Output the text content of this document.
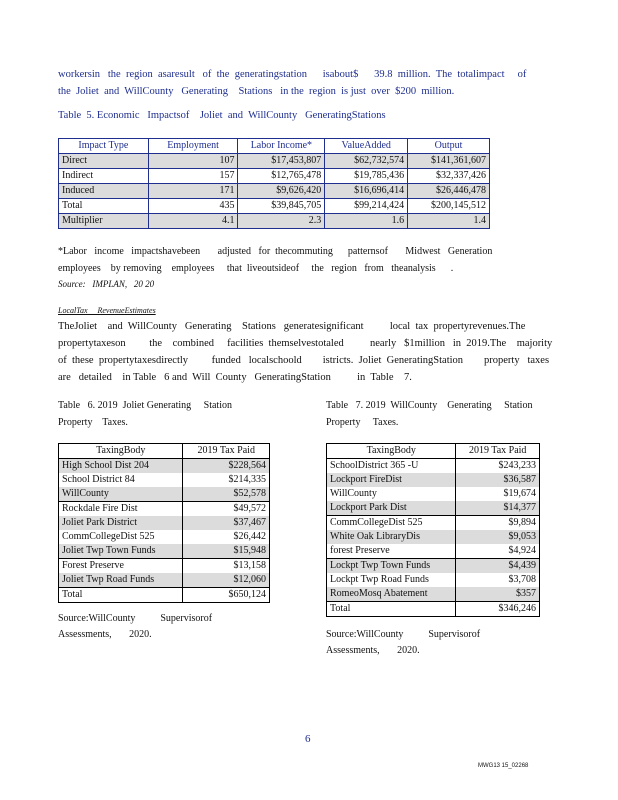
workersin   the  region  asaresult   of  the  generatingstation      isabout$      39.8  million.  The  totalimpact     of
the  Joliet  and  WillCounty   Generating    Stations   in the  region  is just  over  $200  million.
Table  5. Economic   Impactsof    Joliet  and  WillCounty   GeneratingStations
Impact Type	Employment	Labor Income*	ValueAdded	Output
Direct	107	$17,453,807	$62,732,574	$141,361,607
Indirect	157	$12,765,478	$19,785,436	$32,337,426
Induced	171	$9,626,420	$16,696,414	$26,446,478
Total	435	$39,845,705	$99,214,424	$200,145,512
Multiplier	4.1	2.3	1.6	1.4
*Labor   income   impactshavebeen       adjusted   for  thecommuting      patternsof       Midwest   Generation
employees    by removing    employees     that  liveoutsideof     the   region   from   theanalysis      .
Source:   IMPLAN,   20 20
LocalTax     RevenueEstimates
TheJoliet    and  WillCounty   Generating    Stations   generatesignificant          local  tax  propertyrevenues.The
propertytaxeson         the    combined     facilities  themselvestotaled          nearly   $1million   in  2019.The    majority
of  these  propertytaxesdirectly         funded   localschoold        istricts.  Joliet  GeneratingStation        property   taxes
are   detailed    in Table   6 and  Will  County   GeneratingStation          in  Table    7.
Table   6. 2019  Joliet Generating     Station
Property    Taxes.
TaxingBody	2019 Tax Paid
High School Dist 204	$228,564
School District 84	$214,335
WillCounty	$52,578
Rockdale Fire Dist	$49,572
Joliet Park District	$37,467
CommCollegeDist 525	$26,442
Joliet Twp Town Funds	$15,948
Forest Preserve	$13,158
Joliet Twp Road Funds	$12,060
Total	$650,124
Source:WillCounty          Supervisorof
Assessments,       2020.
Table   7. 2019  WillCounty    Generating     Station
Property     Taxes.
TaxingBody	2019 Tax Paid
SchoolDistrict 365 -U	$243,233
Lockport FireDist	$36,587
WillCounty	$19,674
Lockport Park Dist	$14,377
CommCollegeDist 525	$9,894
White Oak LibraryDis	$9,053
forest Preserve	$4,924
Lockpt Twp Town Funds	$4,439
Lockpt Twp Road Funds	$3,708
RomeoMosq Abatement	$357
Total	$346,246
Source:WillCounty          Supervisorof
Assessments,       2020.
6
MWG13 15_02268
